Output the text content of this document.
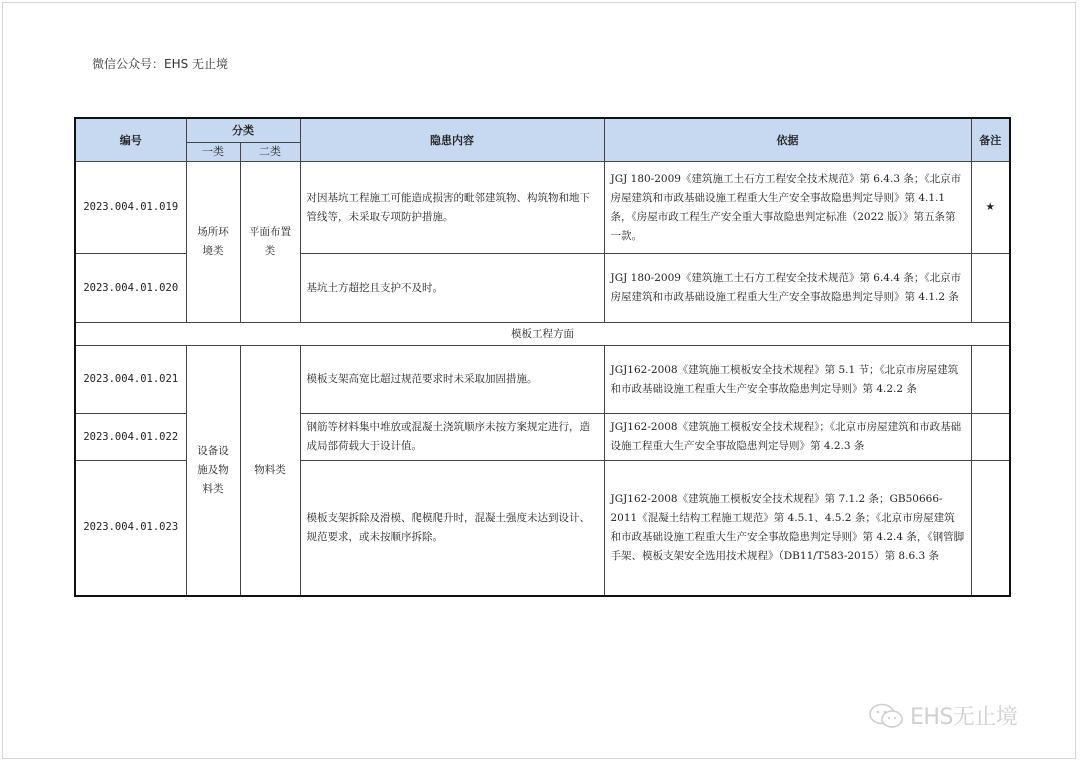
微信公众号：EHS 无止境
编号	分类		隐患内容	依据	备注
	一类	二类			
2023.004.01.019	场所环境类	平面布置类	对因基坑工程施工可能造成损害的毗邻建筑物、构筑物和地下管线等，未采取专项防护措施。	JGJ 180-2009《建筑施工土石方工程安全技术规范》第 6.4.3 条；《北京市房屋建筑和市政基础设施工程重大生产安全事故隐患判定导则》第 4.1.1 条，《房屋市政工程生产安全重大事故隐患判定标准（2022 版）》第五条第一款。	★
2023.004.01.020			基坑土方超挖且支护不及时。	JGJ 180-2009《建筑施工土石方工程安全技术规范》第 6.4.4 条；《北京市房屋建筑和市政基础设施工程重大生产安全事故隐患判定导则》第 4.1.2 条	
模板工程方面					
2023.004.01.021	设备设施及物料类	物料类	模板支架高宽比超过规范要求时未采取加固措施。	JGJ162-2008《建筑施工模板安全技术规程》第 5.1 节；《北京市房屋建筑和市政基础设施工程重大生产安全事故隐患判定导则》第 4.2.2 条	
2023.004.01.022			钢筋等材料集中堆放或混凝土浇筑顺序未按方案规定进行，造成局部荷载大于设计值。	JGJ162-2008《建筑施工模板安全技术规程》；《北京市房屋建筑和市政基础设施工程重大生产安全事故隐患判定导则》第 4.2.3 条	
2023.004.01.023			模板支架拆除及滑模、爬模爬升时，混凝土强度未达到设计、规范要求，或未按顺序拆除。	JGJ162-2008《建筑施工模板安全技术规程》第 7.1.2 条；GB50666-2011《混凝土结构工程施工规范》第 4.5.1、4.5.2 条；《北京市房屋建筑和市政基础设施工程重大生产安全事故隐患判定导则》第 4.2.4 条，《钢管脚手架、模板支架安全选用技术规程》（DB11/T583-2015）第 8.6.3 条	
EHS无止境
